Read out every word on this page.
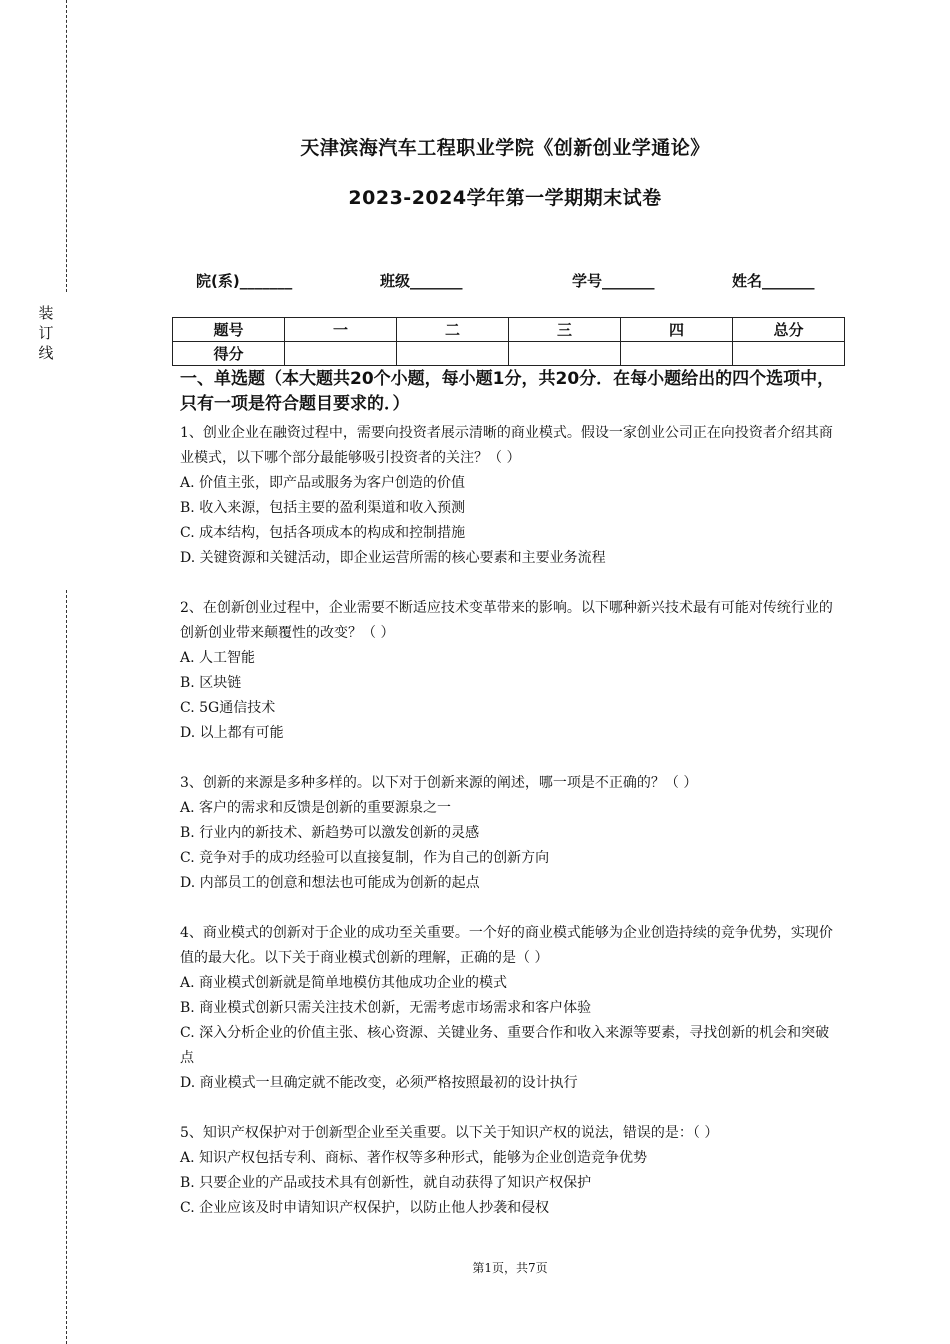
装
订
线
天津滨海汽车工程职业学院《创新创业学通论》
2023-2024学年第一学期期末试卷
院(系)_______	班级_______	学号_______	姓名_______
题号	一	二	三	四	总分
得分					

一、单选题（本大题共20个小题，每小题1分，共20分．在每小题给出的四个选项中，只有一项是符合题目要求的．）

1、创业企业在融资过程中，需要向投资者展示清晰的商业模式。假设一家创业公司正在向投资者介绍其商业模式，以下哪个部分最能够吸引投资者的关注？（ ）

A. 价值主张，即产品或服务为客户创造的价值

B. 收入来源，包括主要的盈利渠道和收入预测

C. 成本结构，包括各项成本的构成和控制措施

D. 关键资源和关键活动，即企业运营所需的核心要素和主要业务流程

2、在创新创业过程中，企业需要不断适应技术变革带来的影响。以下哪种新兴技术最有可能对传统行业的创新创业带来颠覆性的改变？（ ）

A. 人工智能

B. 区块链

C. 5G通信技术

D. 以上都有可能

3、创新的来源是多种多样的。以下对于创新来源的阐述，哪一项是不正确的？（ ）

A. 客户的需求和反馈是创新的重要源泉之一

B. 行业内的新技术、新趋势可以激发创新的灵感

C. 竞争对手的成功经验可以直接复制，作为自己的创新方向

D. 内部员工的创意和想法也可能成为创新的起点

4、商业模式的创新对于企业的成功至关重要。一个好的商业模式能够为企业创造持续的竞争优势，实现价值的最大化。以下关于商业模式创新的理解，正确的是（ ）

A. 商业模式创新就是简单地模仿其他成功企业的模式

B. 商业模式创新只需关注技术创新，无需考虑市场需求和客户体验

C. 深入分析企业的价值主张、核心资源、关键业务、重要合作和收入来源等要素，寻找创新的机会和突破点

D. 商业模式一旦确定就不能改变，必须严格按照最初的设计执行

5、知识产权保护对于创新型企业至关重要。以下关于知识产权的说法，错误的是：（ ）

A. 知识产权包括专利、商标、著作权等多种形式，能够为企业创造竞争优势

B. 只要企业的产品或技术具有创新性，就自动获得了知识产权保护

C. 企业应该及时申请知识产权保护，以防止他人抄袭和侵权

第1页，共7页
